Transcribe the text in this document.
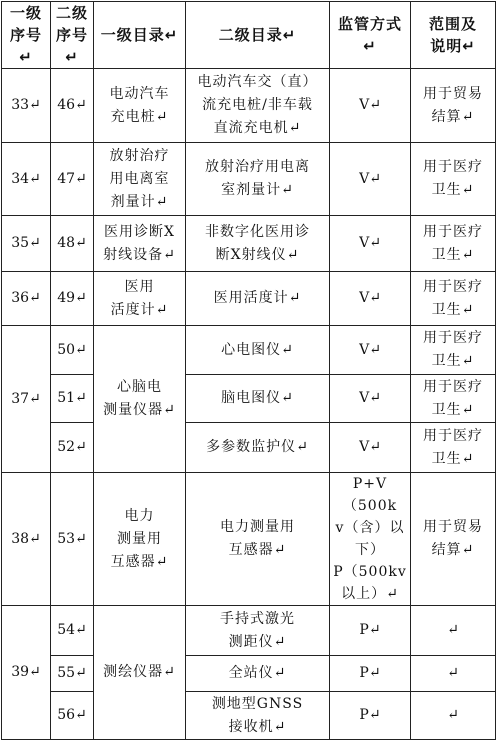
一级
序号↵	二级
序号↵	一级目录↵	二级目录↵	监管方式↵	范围及
说明↵
33↵	46↵	电动汽车
充电桩↵	电动汽车交（直）
流充电桩/非车载
直流充电机↵	V↵	用于贸易
结算↵
34↵	47↵	放射治疗
用电离室
剂量计↵	放射治疗用电离
室剂量计↵	V↵	用于医疗
卫生↵
35↵	48↵	医用诊断X
射线设备↵	非数字化医用诊
断X射线仪↵	V↵	用于医疗
卫生↵
36↵	49↵	医用
活度计↵	医用活度计↵	V↵	用于医疗
卫生↵
37↵	50↵	心脑电
测量仪器↵	心电图仪↵	V↵	用于医疗
卫生↵
	51↵		脑电图仪↵	V↵	用于医疗
卫生↵
	52↵		多参数监护仪↵	V↵	用于医疗
卫生↵
38↵	53↵	电力
测量用
互感器↵	电力测量用
互感器↵	P+V（500k
v（含）以
下）
P（500kv
以上）↵	用于贸易
结算↵
39↵	54↵	测绘仪器↵	手持式激光
测距仪↵	P↵	↵
	55↵		全站仪↵	P↵	↵
	56↵		测地型GNSS
接收机↵	P↵	↵
